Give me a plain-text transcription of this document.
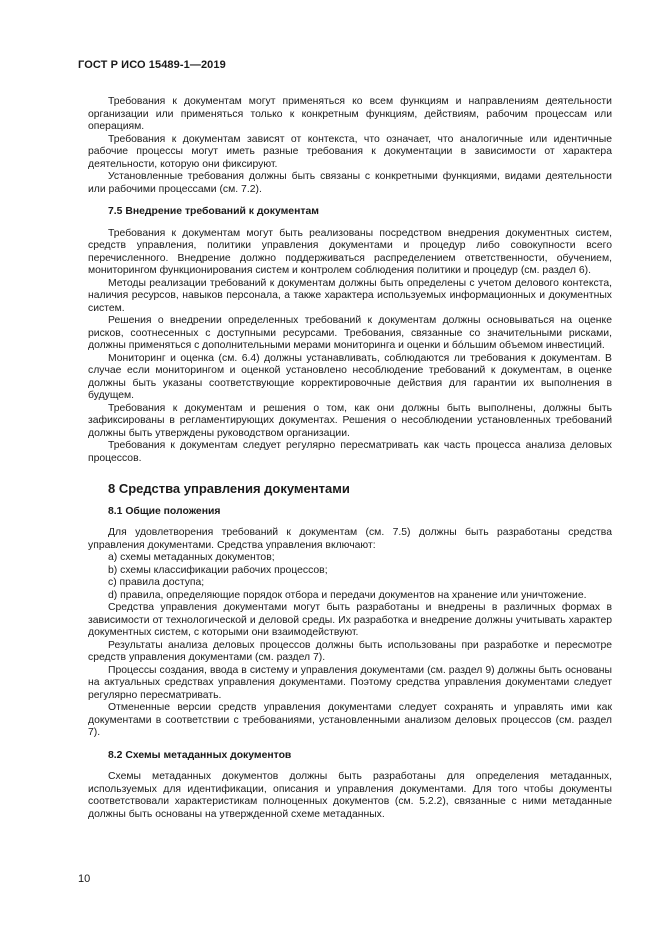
ГОСТ Р ИСО 15489-1—2019

Требования к документам могут применяться ко всем функциям и направлениям деятельности организации или применяться только к конкретным функциям, действиям, рабочим процессам или операциям.

Требования к документам зависят от контекста, что означает, что аналогичные или идентичные рабочие процессы могут иметь разные требования к документации в зависимости от характера деятельности, которую они фиксируют.

Установленные требования должны быть связаны с конкретными функциями, видами деятельности или рабочими процессами (см. 7.2).

7.5 Внедрение требований к документам

Требования к документам могут быть реализованы посредством внедрения документных систем, средств управления, политики управления документами и процедур либо совокупности всего перечисленного. Внедрение должно поддерживаться распределением ответственности, обучением, мониторингом функционирования систем и контролем соблюдения политики и процедур (см. раздел 6).

Методы реализации требований к документам должны быть определены с учетом делового контекста, наличия ресурсов, навыков персонала, а также характера используемых информационных и документных систем.

Решения о внедрении определенных требований к документам должны основываться на оценке рисков, соотнесенных с доступными ресурсами. Требования, связанные со значительными рисками, должны применяться с дополнительными мерами мониторинга и оценки и бóльшим объемом инвестиций.

Мониторинг и оценка (см. 6.4) должны устанавливать, соблюдаются ли требования к документам. В случае если мониторингом и оценкой установлено несоблюдение требований к документам, в оценке должны быть указаны соответствующие корректировочные действия для гарантии их выполнения в будущем.

Требования к документам и решения о том, как они должны быть выполнены, должны быть зафиксированы в регламентирующих документах. Решения о несоблюдении установленных требований должны быть утверждены руководством организации.

Требования к документам следует регулярно пересматривать как часть процесса анализа деловых процессов.

8 Средства управления документами
8.1 Общие положения

Для удовлетворения требований к документам (см. 7.5) должны быть разработаны средства управления документами. Средства управления включают:

a) схемы метаданных документов;

b) схемы классификации рабочих процессов;

c) правила доступа;

d) правила, определяющие порядок отбора и передачи документов на хранение или уничтожение.

Средства управления документами могут быть разработаны и внедрены в различных формах в зависимости от технологической и деловой среды. Их разработка и внедрение должны учитывать характер документных систем, с которыми они взаимодействуют.

Результаты анализа деловых процессов должны быть использованы при разработке и пересмотре средств управления документами (см. раздел 7).

Процессы создания, ввода в систему и управления документами (см. раздел 9) должны быть основаны на актуальных средствах управления документами. Поэтому средства управления документами следует регулярно пересматривать.

Отмененные версии средств управления документами следует сохранять и управлять ими как документами в соответствии с требованиями, установленными анализом деловых процессов (см. раздел 7).

8.2 Схемы метаданных документов

Схемы метаданных документов должны быть разработаны для определения метаданных, используемых для идентификации, описания и управления документами. Для того чтобы документы соответствовали характеристикам полноценных документов (см. 5.2.2), связанные с ними метаданные должны быть основаны на утвержденной схеме метаданных.

10
